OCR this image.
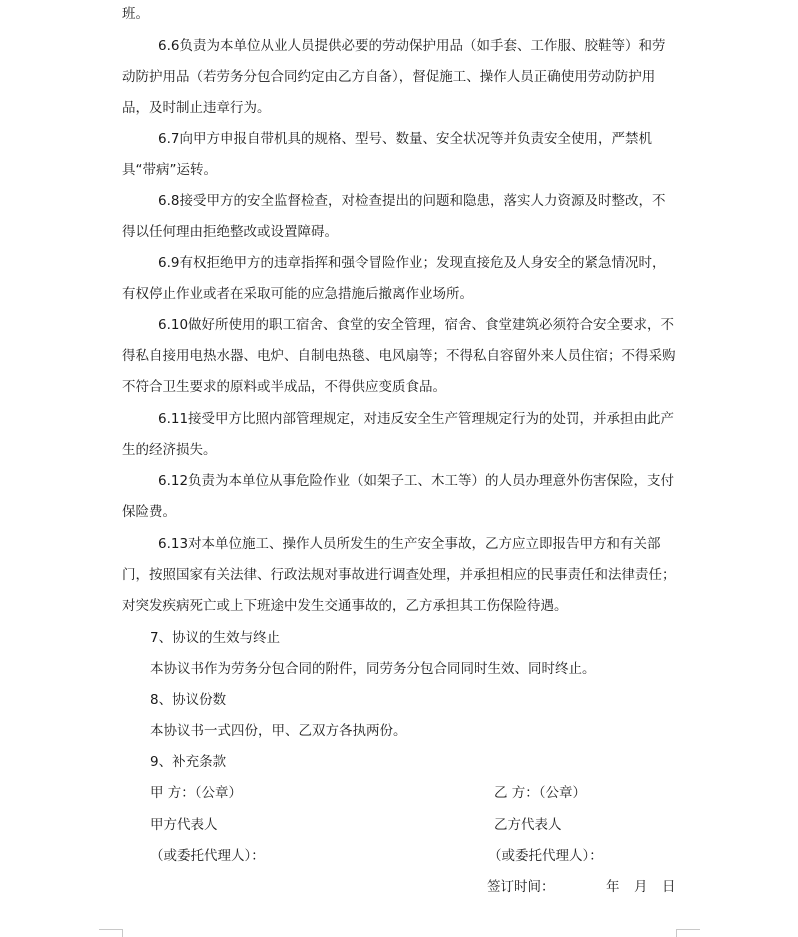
班。
6.6负责为本单位从业人员提供必要的劳动保护用品（如手套、工作服、胶鞋等）和劳动防护用品（若劳务分包合同约定由乙方自备），督促施工、操作人员正确使用劳动防护用品，及时制止违章行为。
6.7向甲方申报自带机具的规格、型号、数量、安全状况等并负责安全使用，严禁机具“带病”运转。
6.8接受甲方的安全监督检查，对检查提出的问题和隐患，落实人力资源及时整改，不得以任何理由拒绝整改或设置障碍。
6.9有权拒绝甲方的违章指挥和强令冒险作业；发现直接危及人身安全的紧急情况时，有权停止作业或者在采取可能的应急措施后撤离作业场所。
6.10做好所使用的职工宿舍、食堂的安全管理，宿舍、食堂建筑必须符合安全要求，不得私自接用电热水器、电炉、自制电热毯、电风扇等；不得私自容留外来人员住宿；不得采购不符合卫生要求的原料或半成品，不得供应变质食品。
6.11接受甲方比照内部管理规定，对违反安全生产管理规定行为的处罚，并承担由此产生的经济损失。
6.12负责为本单位从事危险作业（如架子工、木工等）的人员办理意外伤害保险，支付保险费。
6.13对本单位施工、操作人员所发生的生产安全事故，乙方应立即报告甲方和有关部门，按照国家有关法律、行政法规对事故进行调查处理，并承担相应的民事责任和法律责任；对突发疾病死亡或上下班途中发生交通事故的，乙方承担其工伤保险待遇。
7、协议的生效与终止
本协议书作为劳务分包合同的附件，同劳务分包合同同时生效、同时终止。
8、协议份数
本协议书一式四份，甲、乙双方各执两份。
9、补充条款
甲 方：（公章）	乙 方：（公章）
甲方代表人	乙方代表人
（或委托代理人）：	（或委托代理人）：
签订时间：	年 月 日
